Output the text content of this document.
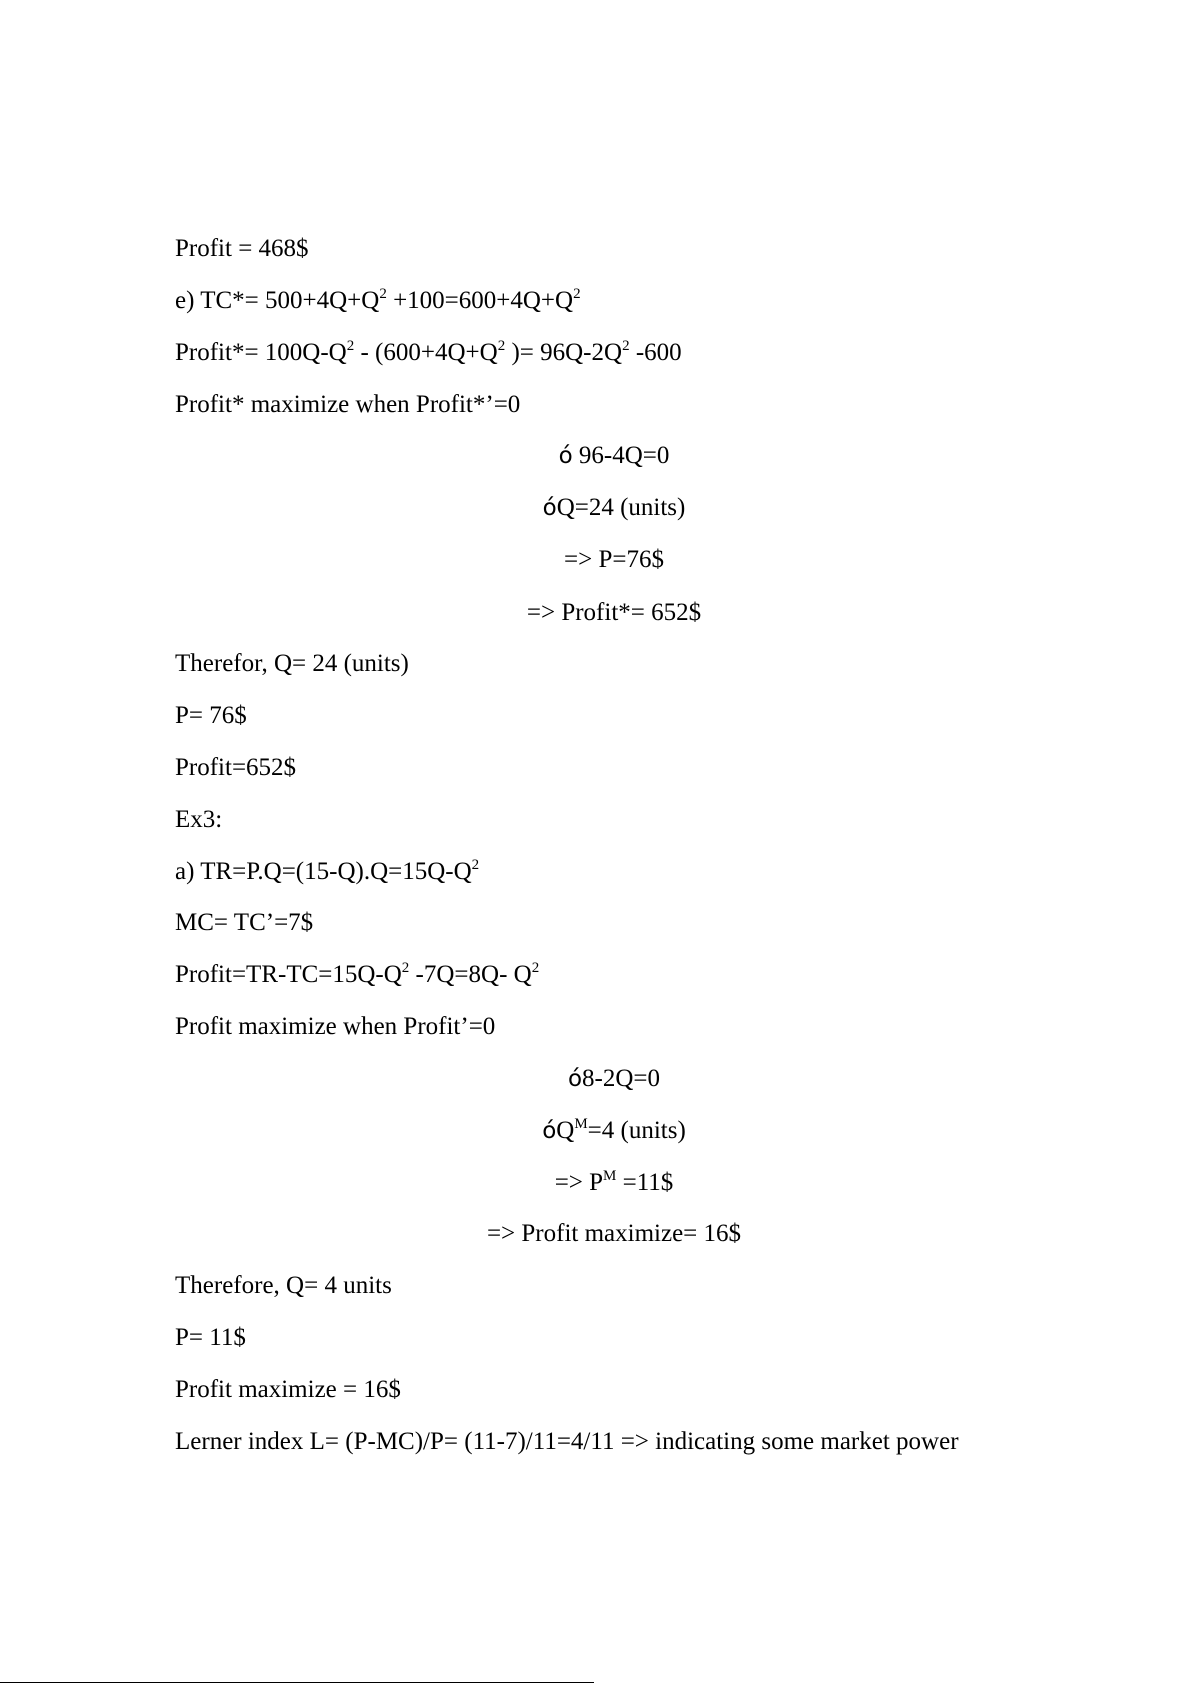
Profit = 468$
e) $TC*= 500+4Q+Q^2 +100=600+4Q+Q^2$
Profit*= $100Q-Q^2 - (600+4Q+Q^2$ )= $96Q-2Q^2$ -600
Profit* maximize when Profit*’=0
ó 96-4Q=0
óQ=24 (units)
=> P=76$
=> Profit*= 652$
Therefor, Q= 24 (units)
P= 76$
Profit=652$
Ex3:
a) $TR=P.Q=(15-Q).Q=15Q-Q^2$
MC= TC’=7$
$Profit=TR-TC=15Q-Q^2$ -7Q=8Q- $Q^2$
Profit maximize when Profit’=0
ó8-2Q=0
$óQ^M=4$ (units)
=> $P^M$ =11$
=> Profit maximize= 16$
Therefore, Q= 4 units
P= 11$
Profit maximize = 16$
Lerner index L= (P-MC)/P= (11-7)/11=4/11 => indicating some market power
